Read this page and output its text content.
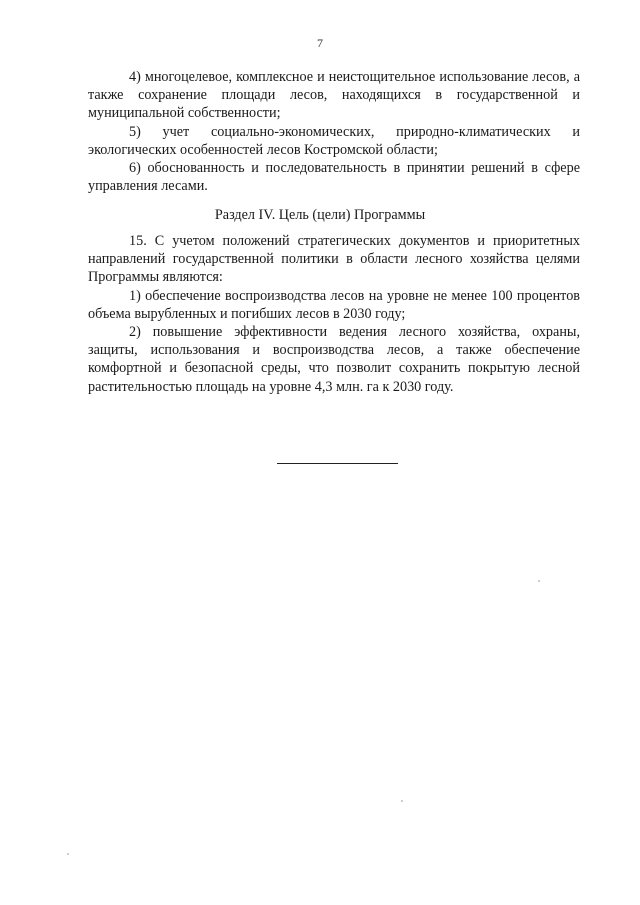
7

4) многоцелевое, комплексное и неистощительное использование лесов, а также сохранение площади лесов, находящихся в государственной и муниципальной собственности;

5) учет социально-экономических, природно-климатических и экологических особенностей лесов Костромской области;

6) обоснованность и последовательность в принятии решений в сфере управления лесами.

Раздел IV. Цель (цели) Программы

15. С учетом положений стратегических документов и приоритетных направлений государственной политики в области лесного хозяйства целями Программы являются:

1) обеспечение воспроизводства лесов на уровне не менее 100 процентов объема вырубленных и погибших лесов в 2030 году;

2) повышение эффективности ведения лесного хозяйства, охраны, защиты, использования и воспроизводства лесов, а также обеспечение комфортной и безопасной среды, что позволит сохранить покрытую лесной растительностью площадь на уровне 4,3 млн. га к 2030 году.
